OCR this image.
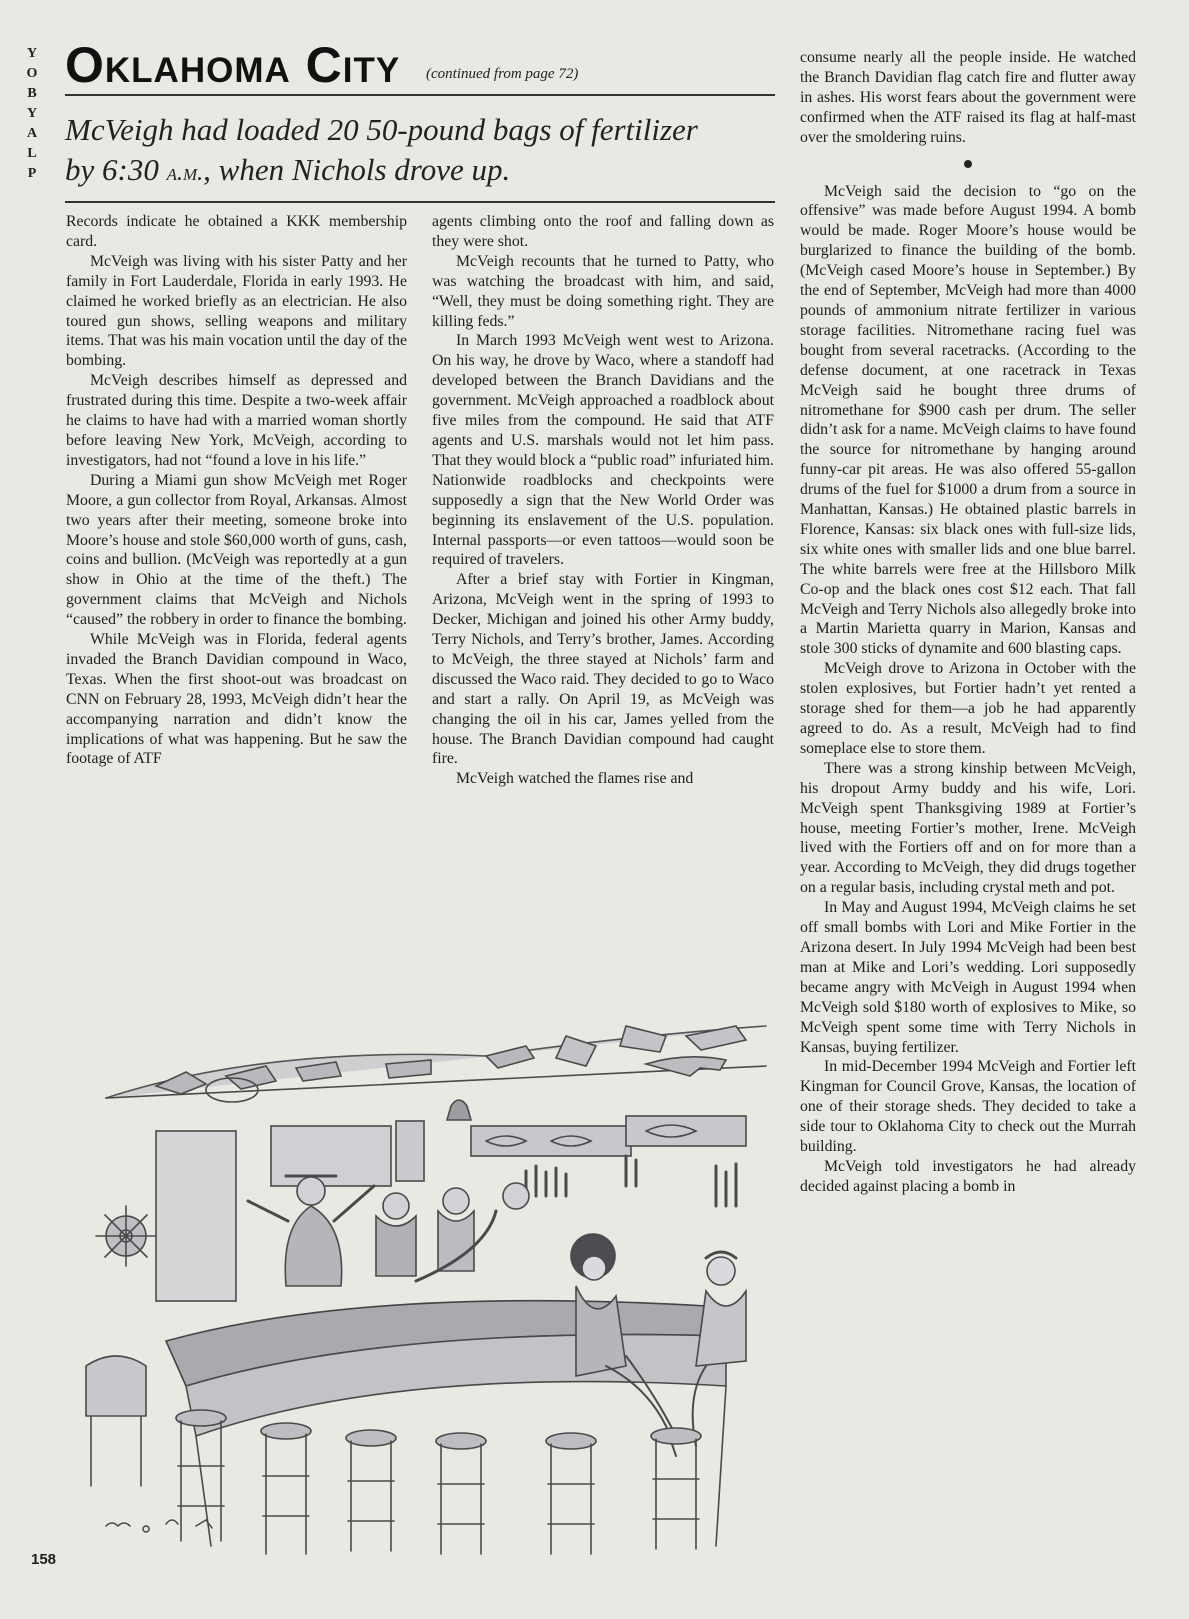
Y
O
B
Y
A
L
P
Oklahoma City (continued from page 72)
McVeigh had loaded 20 50-pound bags of fertilizer
by 6:30 a.m., when Nichols drove up.

Records indicate he obtained a KKK membership card.

McVeigh was living with his sister Patty and her family in Fort Lauderdale, Florida in early 1993. He claimed he worked briefly as an electrician. He also toured gun shows, selling weapons and military items. That was his main vocation until the day of the bombing.

McVeigh describes himself as depressed and frustrated during this time. Despite a two-week affair he claims to have had with a married woman shortly before leaving New York, McVeigh, according to investigators, had not “found a love in his life.”

During a Miami gun show McVeigh met Roger Moore, a gun collector from Royal, Arkansas. Almost two years after their meeting, someone broke into Moore’s house and stole $60,000 worth of guns, cash, coins and bullion. (McVeigh was reportedly at a gun show in Ohio at the time of the theft.) The government claims that McVeigh and Nichols “caused” the robbery in order to finance the bombing.

While McVeigh was in Florida, federal agents invaded the Branch Davidian compound in Waco, Texas. When the first shoot-out was broadcast on CNN on February 28, 1993, McVeigh didn’t hear the accompanying narration and didn’t know the implications of what was happening. But he saw the footage of ATF

agents climbing onto the roof and falling down as they were shot.

McVeigh recounts that he turned to Patty, who was watching the broadcast with him, and said, “Well, they must be doing something right. They are killing feds.”

In March 1993 McVeigh went west to Arizona. On his way, he drove by Waco, where a standoff had developed between the Branch Davidians and the government. McVeigh approached a roadblock about five miles from the compound. He said that ATF agents and U.S. marshals would not let him pass. That they would block a “public road” infuriated him. Nationwide roadblocks and checkpoints were supposedly a sign that the New World Order was beginning its enslavement of the U.S. population. Internal passports—or even tattoos—would soon be required of travelers.

After a brief stay with Fortier in Kingman, Arizona, McVeigh went in the spring of 1993 to Decker, Michigan and joined his other Army buddy, Terry Nichols, and Terry’s brother, James. According to McVeigh, the three stayed at Nichols’ farm and discussed the Waco raid. They decided to go to Waco and start a rally. On April 19, as McVeigh was changing the oil in his car, James yelled from the house. The Branch Davidian compound had caught fire.

McVeigh watched the flames rise and

consume nearly all the people inside. He watched the Branch Davidian flag catch fire and flutter away in ashes. His worst fears about the government were confirmed when the ATF raised its flag at half-mast over the smoldering ruins.

McVeigh said the decision to “go on the offensive” was made before August 1994. A bomb would be made. Roger Moore’s house would be burglarized to finance the building of the bomb. (McVeigh cased Moore’s house in September.) By the end of September, McVeigh had more than 4000 pounds of ammonium nitrate fertilizer in various storage facilities. Nitromethane racing fuel was bought from several racetracks. (According to the defense document, at one racetrack in Texas McVeigh said he bought three drums of nitromethane for $900 cash per drum. The seller didn’t ask for a name. McVeigh claims to have found the source for nitromethane by hanging around funny-car pit areas. He was also offered 55-gallon drums of the fuel for $1000 a drum from a source in Manhattan, Kansas.) He obtained plastic barrels in Florence, Kansas: six black ones with full-size lids, six white ones with smaller lids and one blue barrel. The white barrels were free at the Hillsboro Milk Co-op and the black ones cost $12 each. That fall McVeigh and Terry Nichols also allegedly broke into a Martin Marietta quarry in Marion, Kansas and stole 300 sticks of dynamite and 600 blasting caps.

McVeigh drove to Arizona in October with the stolen explosives, but Fortier hadn’t yet rented a storage shed for them—a job he had apparently agreed to do. As a result, McVeigh had to find someplace else to store them.

There was a strong kinship between McVeigh, his dropout Army buddy and his wife, Lori. McVeigh spent Thanksgiving 1989 at Fortier’s house, meeting Fortier’s mother, Irene. McVeigh lived with the Fortiers off and on for more than a year. According to McVeigh, they did drugs together on a regular basis, including crystal meth and pot.

In May and August 1994, McVeigh claims he set off small bombs with Lori and Mike Fortier in the Arizona desert. In July 1994 McVeigh had been best man at Mike and Lori’s wedding. Lori supposedly became angry with McVeigh in August 1994 when McVeigh sold $180 worth of explosives to Mike, so McVeigh spent some time with Terry Nichols in Kansas, buying fertilizer.

In mid-December 1994 McVeigh and Fortier left Kingman for Council Grove, Kansas, the location of one of their storage sheds. They decided to take a side tour to Oklahoma City to check out the Murrah building.

McVeigh told investigators he had already decided against placing a bomb in

158
